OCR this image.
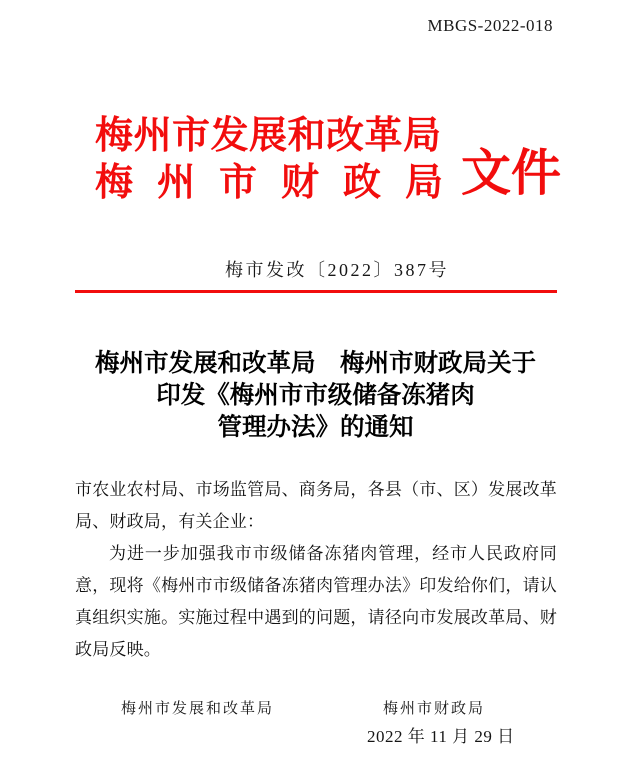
MBGS-2022-018
梅州市发展和改革局
梅州市财政局
文件
梅市发改〔2022〕387号
梅州市发展和改革局　梅州市财政局关于
印发《梅州市市级储备冻猪肉
管理办法》的通知
市农业农村局、市场监管局、商务局，各县（市、区）发展改革
局、财政局，有关企业：
为进一步加强我市市级储备冻猪肉管理，经市人民政府同
意，现将《梅州市市级储备冻猪肉管理办法》印发给你们，请认
真组织实施。实施过程中遇到的问题，请径向市发展改革局、财
政局反映。
梅州市发展和改革局	梅州市财政局
2022 年 11 月 29 日
